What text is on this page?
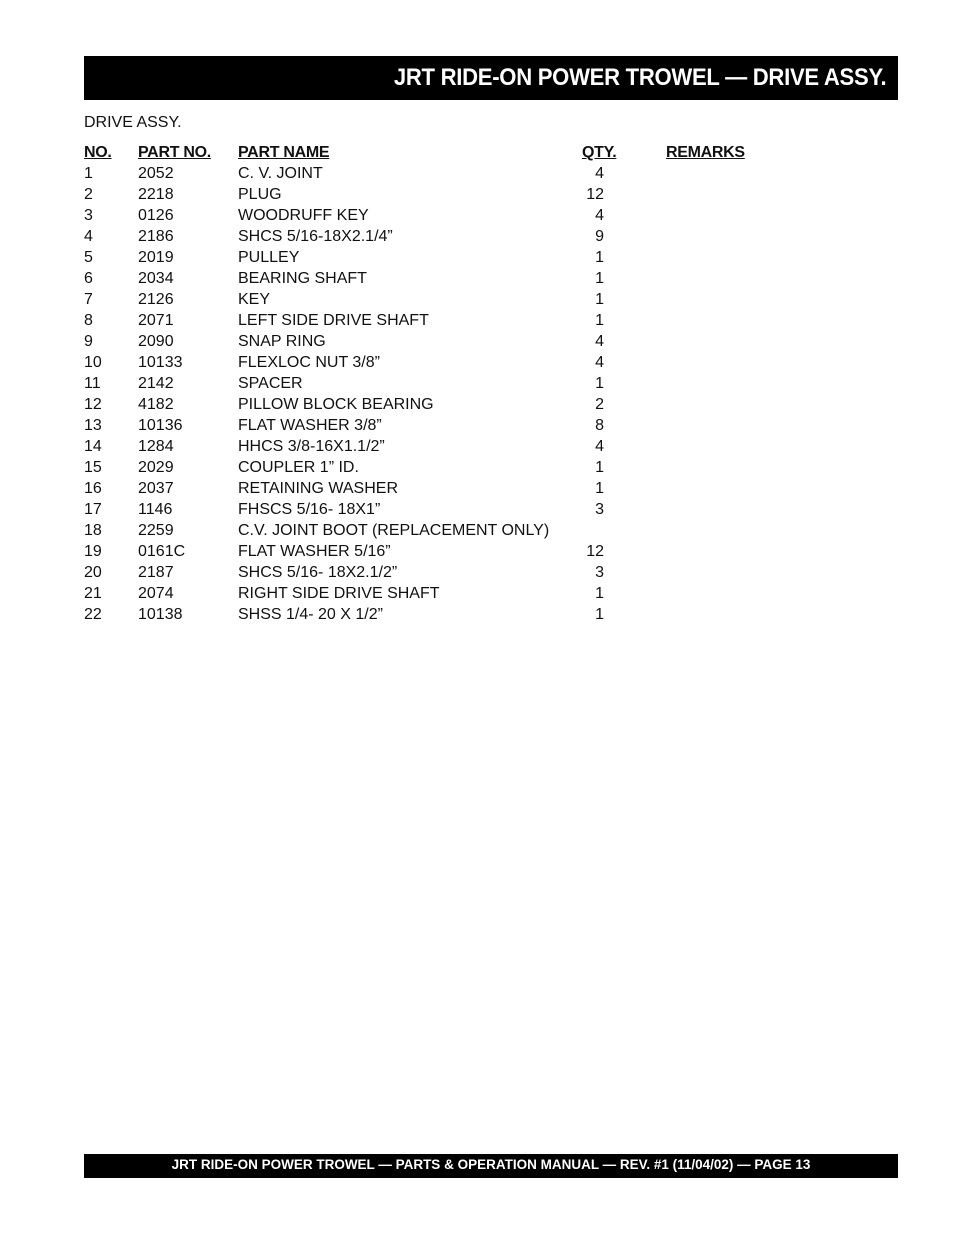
JRT RIDE-ON POWER TROWEL — DRIVE ASSY.
DRIVE ASSY.
NO. PART NO. PART NAME	QTY.	REMARKS
1	2052	C. V. JOINT	4
2	2218	PLUG	12
3	0126	WOODRUFF KEY	4
4	2186	SHCS 5/16-18X2.1/4”	9
5	2019	PULLEY	1
6	2034	BEARING SHAFT	1
7	2126	KEY	1
8	2071	LEFT SIDE DRIVE SHAFT	1
9	2090	SNAP RING	4
10 10133	FLEXLOC NUT 3/8”	4
11 2142	SPACER	1
12 4182	PILLOW BLOCK BEARING	2
13 10136	FLAT WASHER 3/8”	8
14 1284	HHCS 3/8-16X1.1/2”	4
15 2029	COUPLER 1” ID.	1
16 2037	RETAINING WASHER	1
17 1146	FHSCS 5/16- 18X1”	3
18 2259	C.V. JOINT BOOT (REPLACEMENT ONLY)
19 0161C	FLAT WASHER 5/16”	12
20 2187	SHCS 5/16- 18X2.1/2”	3
21 2074	RIGHT SIDE DRIVE SHAFT	1
22 10138	SHSS 1/4- 20 X 1/2”	1
JRT RIDE-ON POWER TROWEL — PARTS & OPERATION MANUAL — REV. #1 (11/04/02) — PAGE 13
